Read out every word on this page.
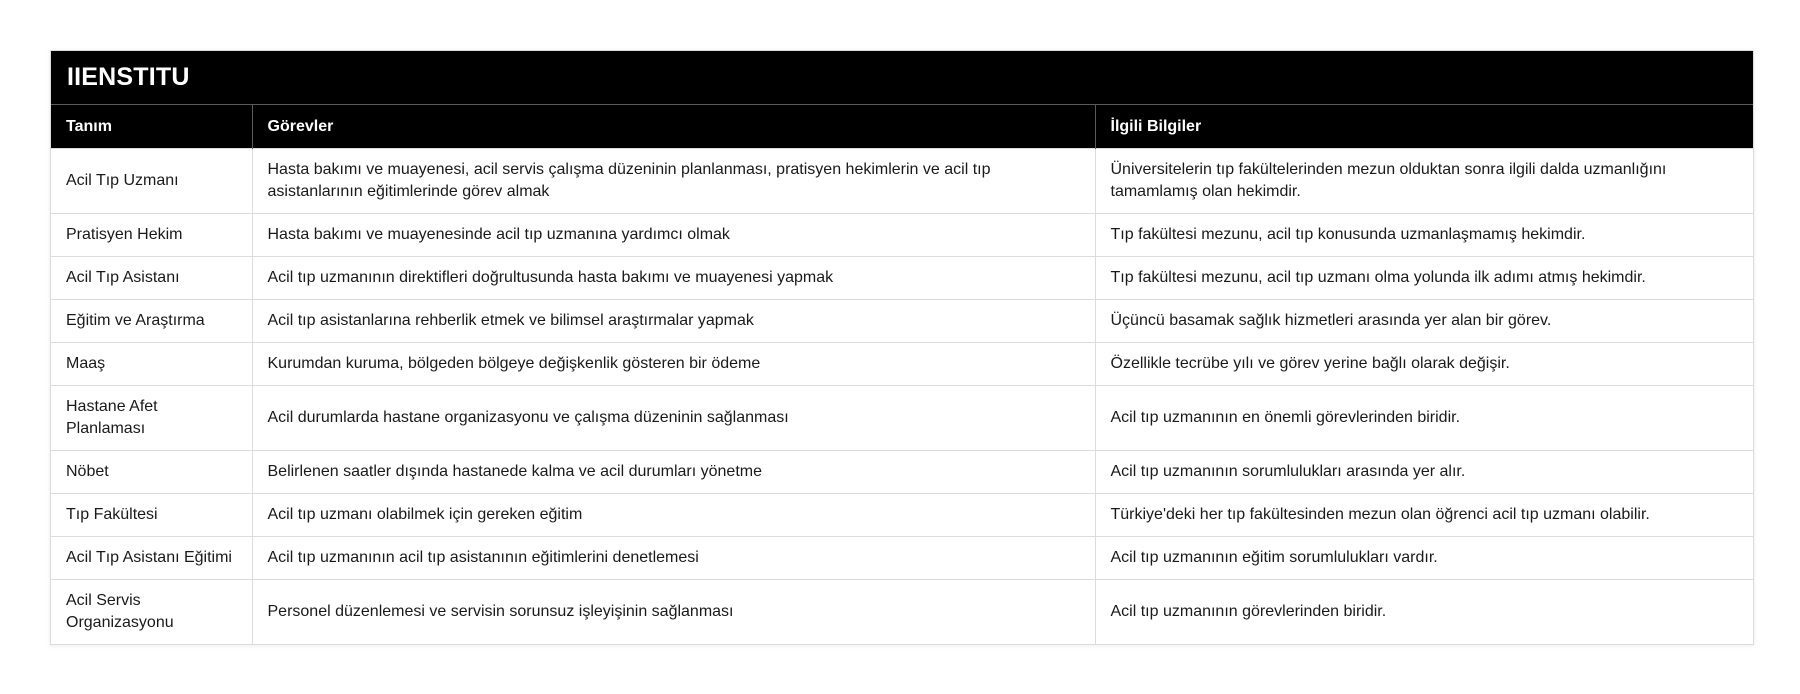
IIENSTITU
Tanım	Görevler	İlgili Bilgiler
Acil Tıp Uzmanı	Hasta bakımı ve muayenesi, acil servis çalışma düzeninin planlanması, pratisyen hekimlerin ve acil tıp asistanlarının eğitimlerinde görev almak	Üniversitelerin tıp fakültelerinden mezun olduktan sonra ilgili dalda uzmanlığını tamamlamış olan hekimdir.
Pratisyen Hekim	Hasta bakımı ve muayenesinde acil tıp uzmanına yardımcı olmak	Tıp fakültesi mezunu, acil tıp konusunda uzmanlaşmamış hekimdir.
Acil Tıp Asistanı	Acil tıp uzmanının direktifleri doğrultusunda hasta bakımı ve muayenesi yapmak	Tıp fakültesi mezunu, acil tıp uzmanı olma yolunda ilk adımı atmış hekimdir.
Eğitim ve Araştırma	Acil tıp asistanlarına rehberlik etmek ve bilimsel araştırmalar yapmak	Üçüncü basamak sağlık hizmetleri arasında yer alan bir görev.
Maaş	Kurumdan kuruma, bölgeden bölgeye değişkenlik gösteren bir ödeme	Özellikle tecrübe yılı ve görev yerine bağlı olarak değişir.
Hastane Afet Planlaması	Acil durumlarda hastane organizasyonu ve çalışma düzeninin sağlanması	Acil tıp uzmanının en önemli görevlerinden biridir.
Nöbet	Belirlenen saatler dışında hastanede kalma ve acil durumları yönetme	Acil tıp uzmanının sorumlulukları arasında yer alır.
Tıp Fakültesi	Acil tıp uzmanı olabilmek için gereken eğitim	Türkiye'deki her tıp fakültesinden mezun olan öğrenci acil tıp uzmanı olabilir.
Acil Tıp Asistanı Eğitimi	Acil tıp uzmanının acil tıp asistanının eğitimlerini denetlemesi	Acil tıp uzmanının eğitim sorumlulukları vardır.
Acil Servis Organizasyonu	Personel düzenlemesi ve servisin sorunsuz işleyişinin sağlanması	Acil tıp uzmanının görevlerinden biridir.
